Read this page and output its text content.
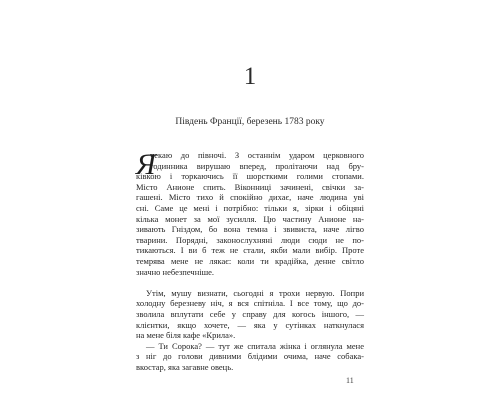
1
Південь Франції, березень 1783 року
Я
чекаю до півночі. З останнім ударом церковного
годинника вирушаю вперед, пролітаючи над бру-
ківкою і торкаючись її шорсткими голими стопами.
Місто Анионе спить. Віконниці зачинені, свічки за-
гашені. Місто тихо й спокійно дихає, наче людина уві
сні. Саме це мені і потрібно: тільки я, зірки і обіцяні
кілька монет за мої зусилля. Цю частину Анионе на-
зивають Гніздом, бо вона темна і звивиста, наче лігво
тварини. Порядні, законослухняні люди сюди не по-
тикаються. І ви б теж не стали, якби мали вибір. Проте
темрява мене не лякає: коли ти крадійка, денне світло
значно небезпечніше.
Утім, мушу визнати, сьогодні я трохи нервую. Попри
холодну березневу ніч, я вся спітніла. І все тому, що до-
зволила вплутати себе у справу для когось іншого, —
клієнтки, якщо хочете, — яка у сутінках наткнулася
на мене біля кафе «Крила».
— Ти Сорока? — тут же спитала жінка і оглянула мене
з ніг до голови дивними блідими очима, наче собака-
вкостар, яка загавне овець.
11
